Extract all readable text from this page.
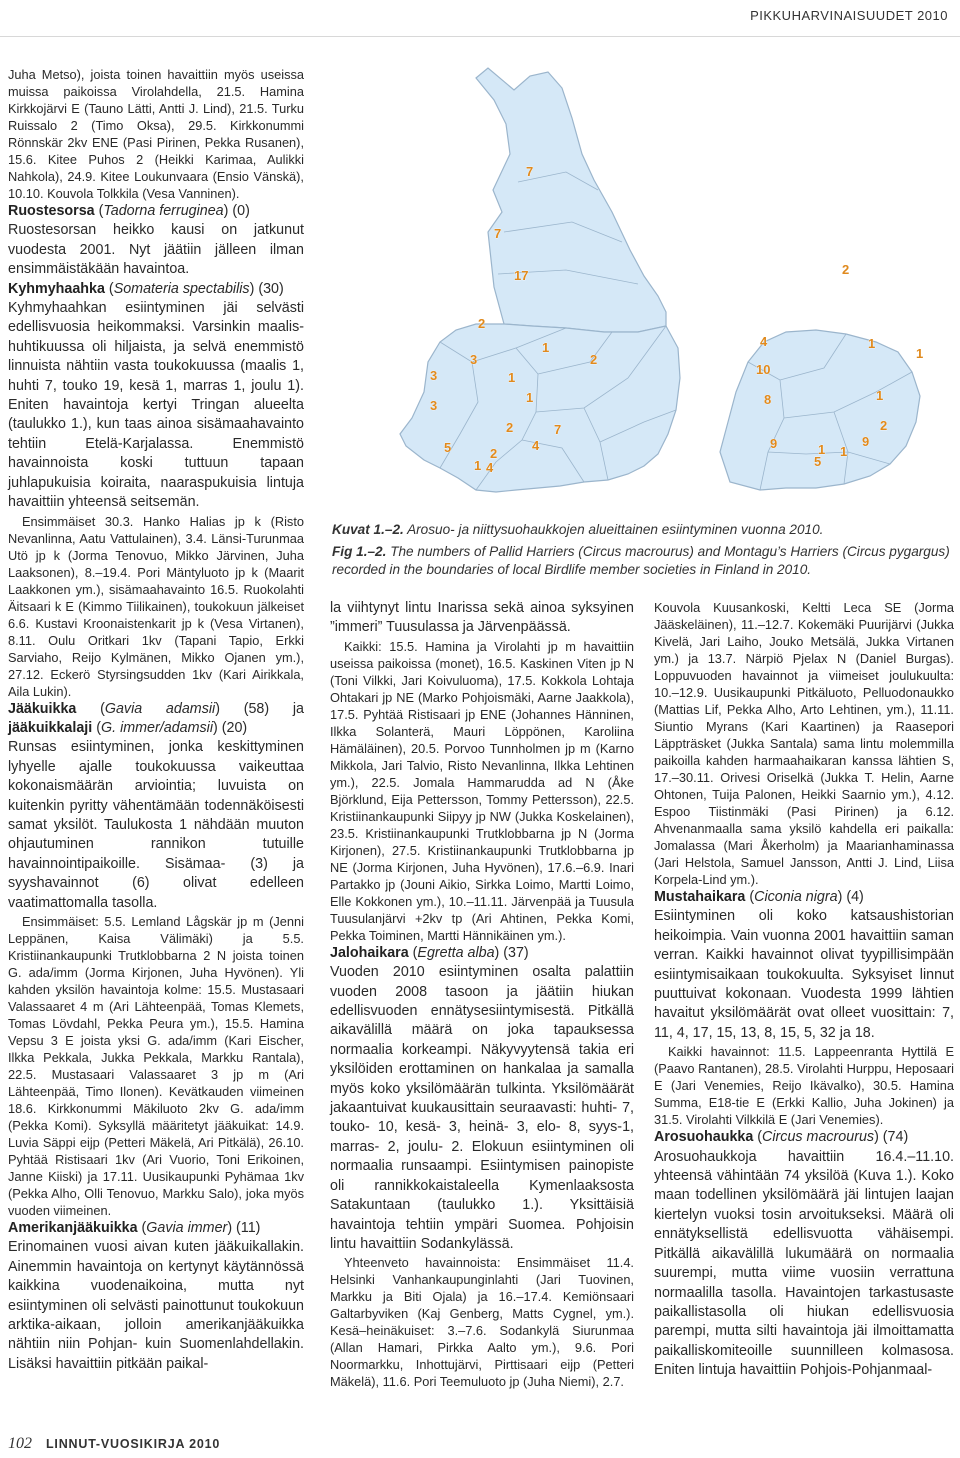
PIKKUHARVINAISUUDET 2010

Juha Metso), joista toinen havaittiin myös useissa muissa paikoissa Virolahdella, 21.5. Hamina Kirkkojärvi E (Tauno Lätti, Antti J. Lind), 21.5. Turku Ruissalo 2 (Timo Oksa), 29.5. Kirkkonummi Rönnskär 2kv ENE (Pasi Pirinen, Pekka Rusanen), 15.6. Kitee Puhos 2 (Heikki Karimaa, Aulikki Nahkola), 24.9. Kitee Loukunvaara (Ensio Vänskä), 10.10. Kouvola Tolkkila (Vesa Vanninen).

Ruostesorsa (Tadorna ferruginea) (0)

Ruostesorsan heikko kausi on jatkunut vuodesta 2001. Nyt jäätiin jälleen ilman ensimmäistäkään havaintoa.

Kyhmyhaahka (Somateria spectabilis) (30)

Kyhmyhaahkan esiintyminen jäi selvästi edellisvuosia heikommaksi. Varsinkin maalis-huhtikuussa oli hiljaista, ja selvä enemmistö linnuista nähtiin vasta toukokuussa (maalis 1, huhti 7, touko 19, kesä 1, marras 1, joulu 1). Eniten havaintoja kertyi Tringan alueelta (taulukko 1.), kun taas ainoa sisämaahavainto tehtiin Etelä-Karjalassa. Enemmistö havainnoista koski tuttuun tapaan juhlapukuisia koiraita, naaraspukuisia lintuja havaittiin yhteensä seitsemän.

Ensimmäiset 30.3. Hanko Halias jp k (Risto Nevanlinna, Aatu Vattulainen), 3.4. Länsi-Turunmaa Utö jp k (Jorma Tenovuo, Mikko Järvinen, Juha Laaksonen), 8.–19.4. Pori Mäntyluoto jp k (Maarit Laakkonen ym.), sisämaahavainto 16.5. Ruokolahti Äitsaari k E (Kimmo Tiilikainen), toukokuun jälkeiset 6.6. Kustavi Kroonaistenkarit jp k (Vesa Virtanen), 8.11. Oulu Oritkari 1kv (Tapani Tapio, Erkki Sarviaho, Reijo Kylmänen, Mikko Ojanen ym.), 27.12. Eckerö Styrsingsudden 1kv (Kari Airikkala, Aila Lukin).

Jääkuikka (Gavia adamsii) (58) ja jääkuikkalaji (G. immer/adamsii) (20)

Runsas esiintyminen, jonka keskittyminen lyhyelle ajalle toukokuussa vaikeuttaa kokonaismäärän arviointia; luvuista on kuitenkin pyritty vähentämään todennäköisesti samat yksilöt. Taulukosta 1 nähdään muuton ohjautuminen rannikon tutuille havainnointipaikoille. Sisämaa- (3) ja syyshavainnot (6) olivat edelleen vaatimattomalla tasolla.

Ensimmäiset: 5.5. Lemland Lågskär jp m (Jenni Leppänen, Kaisa Välimäki) ja 5.5. Kristiinankaupunki Trutklobbarna 2 N joista toinen G. ada/imm (Jorma Kirjonen, Juha Hyvönen). Yli kahden yksilön havaintoja kolme: 15.5. Mustasaari Valassaaret 4 m (Ari Lähteenpää, Tomas Klemets, Tomas Lövdahl, Pekka Peura ym.), 15.5. Hamina Vepsu 3 E joista yksi G. ada/imm (Kari Eischer, Ilkka Pekkala, Jukka Pekkala, Markku Rantala), 22.5. Mustasaari Valassaaret 3 jp m (Ari Lähteenpää, Timo Ilonen). Kevätkauden viimeinen 18.6. Kirkkonummi Mäkiluoto 2kv G. ada/imm (Pekka Komi). Syksyllä määritetyt jääkuikat: 14.9. Luvia Säppi eijp (Petteri Mäkelä, Ari Pitkälä), 26.10. Pyhtää Ristisaari 1kv (Ari Vuorio, Toni Erikoinen, Janne Kiiski) ja 17.11. Uusikaupunki Pyhämaa 1kv (Pekka Alho, Olli Tenovuo, Markku Salo), joka myös vuoden viimeinen.

Amerikanjääkuikka (Gavia immer) (11)

Erinomainen vuosi aivan kuten jääkuikallakin. Ainemmin havaintoja on kertynyt käytännössä kaikkina vuodenaikoina, mutta nyt esiintyminen oli selvästi painottunut toukokuun arktika-aikaan, jolloin amerikanjääkuikka nähtiin niin Pohjan- kuin Suomenlahdellakin. Lisäksi havaittiin pitkään paikal-

7
7
17	2
2
3
1
2
3	1
3
1
2	7
5	2
4
1 4
4	1
1
10
8	1
2
9	1
5
1
9
Kuvat 1.–2. Arosuo- ja niittysuohaukkojen alueittainen esiintyminen vuonna 2010.
Fig 1.–2. The numbers of Pallid Harriers (Circus macrourus) and Montagu’s Harriers (Circus pygargus) recorded in the boundaries of local Birdlife member societies in Finland in 2010.

la viihtynyt lintu Inarissa sekä ainoa syksyinen ”immeri” Tuusulassa ja Järvenpäässä.

Kaikki: 15.5. Hamina ja Virolahti jp m havaittiin useissa paikoissa (monet), 16.5. Kaskinen Viten jp N (Toni Vilkki, Jari Koivuluoma), 17.5. Kokkola Lohtaja Ohtakari jp NE (Marko Pohjoismäki, Aarne Jaakkola), 17.5. Pyhtää Ristisaari jp ENE (Johannes Hänninen, Ilkka Solanterä, Mauri Löppönen, Karoliina Hämäläinen), 20.5. Porvoo Tunnholmen jp m (Karno Mikkola, Jari Talvio, Risto Nevanlinna, Ilkka Lehtinen ym.), 22.5. Jomala Hammarudda ad N (Åke Björklund, Eija Pettersson, Tommy Pettersson), 22.5. Kristiinankaupunki Siipyy jp NW (Jukka Koskelainen), 23.5. Kristiinankaupunki Trutklobbarna jp N (Jorma Kirjonen), 27.5. Kristiinankaupunki Trutklobbarna jp NE (Jorma Kirjonen, Juha Hyvönen), 17.6.–6.9. Inari Partakko jp (Jouni Aikio, Sirkka Loimo, Martti Loimo, Elle Kokkonen ym.), 10.–11.11. Järvenpää ja Tuusula Tuusulanjärvi +2kv tp (Ari Ahtinen, Pekka Komi, Pekka Toiminen, Martti Hännikäinen ym.).

Jalohaikara (Egretta alba) (37)

Vuoden 2010 esiintyminen osalta palattiin vuoden 2008 tasoon ja jäätiin hiukan edellisvuoden ennätysesiintymisestä. Pitkällä aikavälillä määrä on joka tapauksessa normaalia korkeampi. Näkyvyytensä takia eri yksilöiden erottaminen on hankalaa ja samalla myös koko yksilömäärän tulkinta. Yksilömäärät jakaantuivat kuukausittain seuraavasti: huhti- 7, touko- 10, kesä- 3, heinä- 3, elo- 8, syys-1, marras- 2, joulu- 2. Elokuun esiintyminen oli normaalia runsaampi. Esiintymisen painopiste oli rannikkokaistaleella Kymenlaaksosta Satakuntaan (taulukko 1.). Yksittäisiä havaintoja tehtiin ympäri Suomea. Pohjoisin lintu havaittiin Sodankylässä.

Yhteenveto havainnoista: Ensimmäiset 11.4. Helsinki Vanhankaupunginlahti (Jari Tuovinen, Markku ja Biti Ojala) ja 16.–17.4. Kemiönsaari Galtarbyviken (Kaj Genberg, Matts Cygnel, ym.). Kesä–heinäkuiset: 3.–7.6. Sodankylä Siurunmaa (Allan Hamari, Pirkka Aalto ym.), 9.6. Pori Noormarkku, Inhottujärvi, Pirttisaari eijp (Petteri Mäkelä), 11.6. Pori Teemuluoto jp (Juha Niemi), 2.7.

Kouvola Kuusankoski, Keltti Leca SE (Jorma Jääskeläinen), 11.–12.7. Kokemäki Puurijärvi (Jukka Kivelä, Jari Laiho, Jouko Metsälä, Jukka Virtanen ym.) ja 13.7. Närpiö Pjelax N (Daniel Burgas). Loppuvuoden havainnot ja viimeiset joulukuulta: 10.–12.9. Uusikaupunki Pitkäluoto, Pelluodonaukko (Mattias Lif, Pekka Alho, Arto Lehtinen, ym.), 11.11. Siuntio Myrans (Kari Kaartinen) ja Raasepori Läppträsket (Jukka Santala) sama lintu molemmilla paikoilla kahden harmaahaikaran kanssa lähtien S, 17.–30.11. Orivesi Oriselkä (Jukka T. Helin, Aarne Ohtonen, Tuija Palonen, Heikki Saarnio ym.), 4.12. Espoo Tiistinmäki (Pasi Pirinen) ja 6.12. Ahvenanmaalla sama yksilö kahdella eri paikalla: Jomalassa (Mari Åkerholm) ja Maarianhaminassa (Jari Helstola, Samuel Jansson, Antti J. Lind, Liisa Korpela-Lind ym.).

Mustahaikara (Ciconia nigra) (4)

Esiintyminen oli koko katsaushistorian heikoimpia. Vain vuonna 2001 havaittiin saman verran. Kaikki havainnot olivat tyypillisimpään esiintymisaikaan toukokuulta. Syksyiset linnut puuttuivat kokonaan. Vuodesta 1999 lähtien havaitut yksilömäärät ovat olleet vuosittain: 7, 11, 4, 17, 15, 13, 8, 15, 5, 32 ja 18.

Kaikki havainnot: 11.5. Lappeenranta Hyttilä E (Paavo Rantanen), 28.5. Virolahti Hurppu, Heposaari E (Jari Venemies, Reijo Ikävalko), 30.5. Hamina Summa, E18-tie E (Erkki Kallio, Juha Jokinen) ja 31.5. Virolahti Vilkkilä E (Jari Venemies).

Arosuohaukka (Circus macrourus) (74)

Arosuohaukkoja havaittiin 16.4.–11.10. yhteensä vähintään 74 yksilöä (Kuva 1.). Koko maan todellinen yksilömäärä jäi lintujen laajan kiertelyn vuoksi tosin arvoitukseksi. Määrä oli ennätyksellistä edellisvuotta vähäisempi. Pitkällä aikavälillä lukumäärä on normaalia suurempi, mutta viime vuosiin verrattuna normaalilla tasolla. Havaintojen tarkastusaste paikallistasolla oli hiukan edellisvuosia parempi, mutta silti havaintoja jäi ilmoittamatta paikalliskomiteoille suunnilleen kolmasosa. Eniten lintuja havaittiin Pohjois-Pohjanmaal-

102 LINNUT-VUOSIKIRJA 2010
